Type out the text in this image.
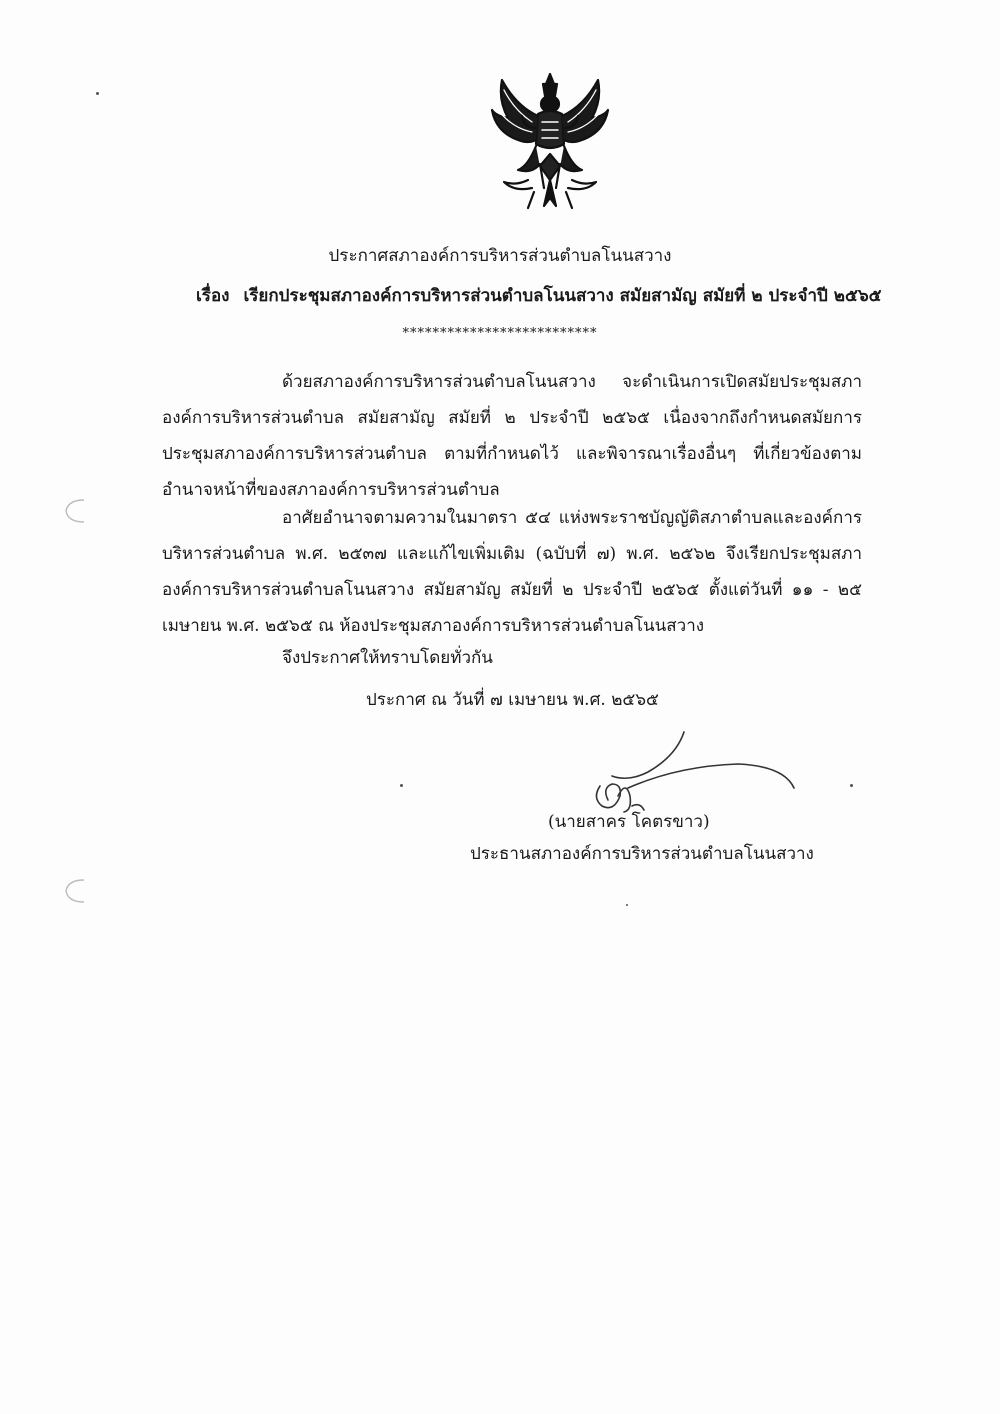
ประกาศสภาองค์การบริหารส่วนตำบลโนนสวาง
เรื่อง เรียกประชุมสภาองค์การบริหารส่วนตำบลโนนสวาง สมัยสามัญ สมัยที่ ๒ ประจำปี ๒๕๖๕
**************************
ด้วยสภาองค์การบริหารส่วนตำบลโนนสวาง จะดำเนินการเปิดสมัยประชุมสภาองค์การบริหารส่วนตำบล สมัยสามัญ สมัยที่ ๒ ประจำปี ๒๕๖๕ เนื่องจากถึงกำหนดสมัยการประชุมสภาองค์การบริหารส่วนตำบล ตามที่กำหนดไว้ และพิจารณาเรื่องอื่นๆ ที่เกี่ยวข้องตามอำนาจหน้าที่ของสภาองค์การบริหารส่วนตำบล
อาศัยอำนาจตามความในมาตรา ๕๔ แห่งพระราชบัญญัติสภาตำบลและองค์การบริหารส่วนตำบล พ.ศ. ๒๕๓๗ และแก้ไขเพิ่มเติม (ฉบับที่ ๗) พ.ศ. ๒๕๖๒ จึงเรียกประชุมสภาองค์การบริหารส่วนตำบลโนนสวาง สมัยสามัญ สมัยที่ ๒ ประจำปี ๒๕๖๕ ตั้งแต่วันที่ ๑๑ - ๒๕ เมษายน พ.ศ. ๒๕๖๕ ณ ห้องประชุมสภาองค์การบริหารส่วนตำบลโนนสวาง
จึงประกาศให้ทราบโดยทั่วกัน
ประกาศ ณ วันที่ ๗ เมษายน พ.ศ. ๒๕๖๕
(นายสาคร โคตรขาว)
ประธานสภาองค์การบริหารส่วนตำบลโนนสวาง
